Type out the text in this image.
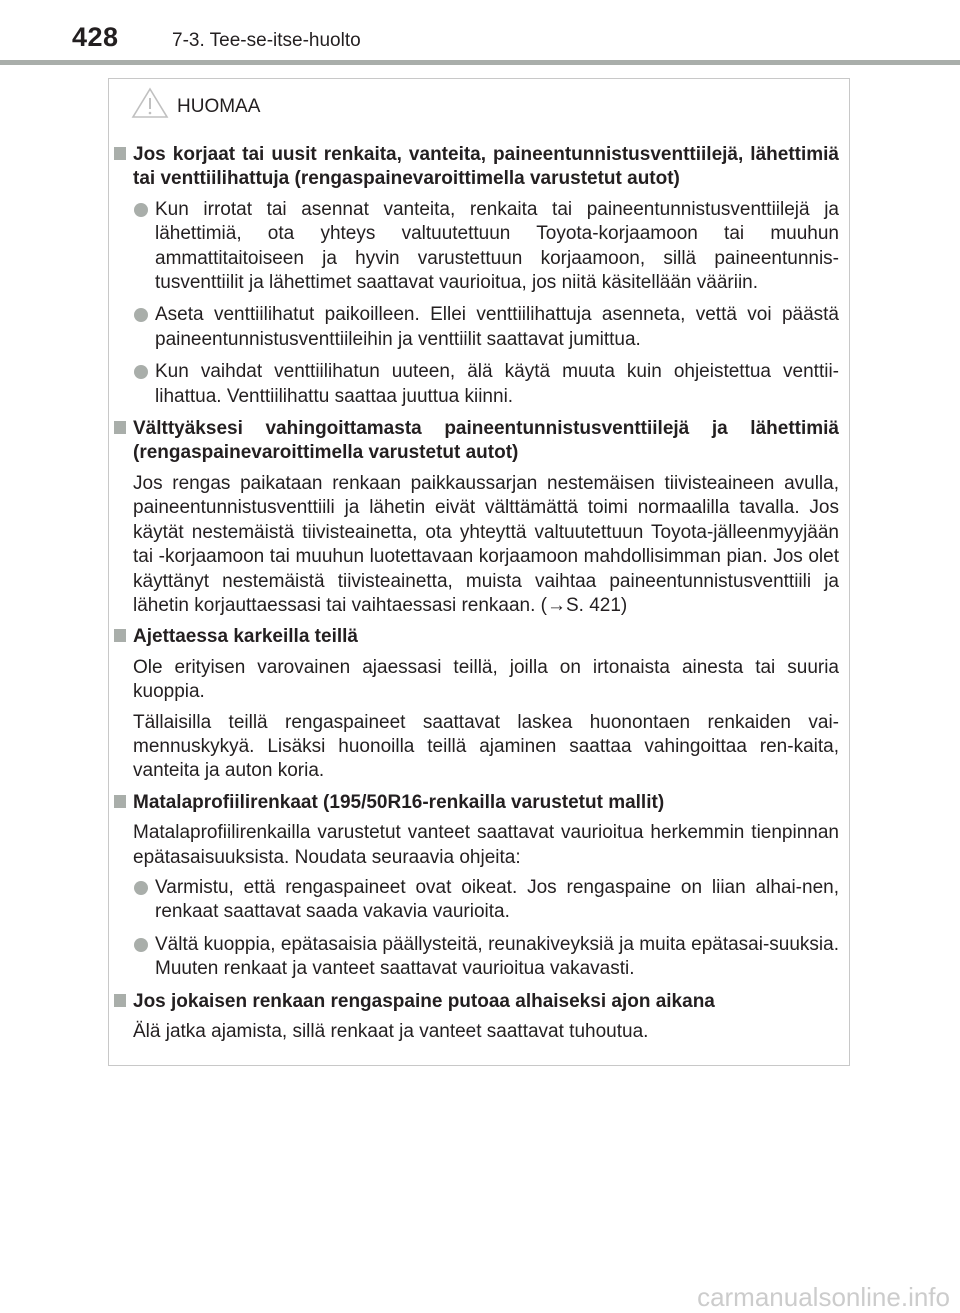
428	7-3. Tee-se-itse-huolto
HUOMAA
Jos korjaat tai uusit renkaita, vanteita, paineentunnistusventtiilejä, lähettimiä tai venttiilihattuja (rengaspainevaroittimella varustetut autot)
Kun irrotat tai asennat vanteita, renkaita tai paineentunnistusventtiilejä ja lähettimiä, ota yhteys valtuutettuun Toyota-korjaamoon tai muuhun ammattitaitoiseen ja hyvin varustettuun korjaamoon, sillä paineentunnis-tusventtiilit ja lähettimet saattavat vaurioitua, jos niitä käsitellään vääriin.
Aseta venttiilihatut paikoilleen. Ellei venttiilihattuja asenneta, vettä voi päästä paineentunnistusventtiileihin ja venttiilit saattavat jumittua.
Kun vaihdat venttiilihatun uuteen, älä käytä muuta kuin ohjeistettua venttii-lihattua. Venttiilihattu saattaa juuttua kiinni.
Välttyäksesi vahingoittamasta paineentunnistusventtiilejä ja lähettimiä (rengaspainevaroittimella varustetut autot)
Jos rengas paikataan renkaan paikkaussarjan nestemäisen tiivisteaineen avulla, paineentunnistusventtiili ja lähetin eivät välttämättä toimi normaalilla tavalla. Jos käytät nestemäistä tiivisteainetta, ota yhteyttä valtuutettuun Toyota-jälleenmyyjään tai -korjaamoon tai muuhun luotettavaan korjaamoon mahdollisimman pian. Jos olet käyttänyt nestemäistä tiivisteainetta, muista vaihtaa paineentunnistusventtiili ja lähetin korjauttaessasi tai vaihtaessasi renkaan. (→S. 421)
Ajettaessa karkeilla teillä
Ole erityisen varovainen ajaessasi teillä, joilla on irtonaista ainesta tai suuria kuoppia.
Tällaisilla teillä rengaspaineet saattavat laskea huonontaen renkaiden vai-mennuskykyä. Lisäksi huonoilla teillä ajaminen saattaa vahingoittaa ren-kaita, vanteita ja auton koria.
Matalaprofiilirenkaat (195/50R16-renkailla varustetut mallit)
Matalaprofiilirenkailla varustetut vanteet saattavat vaurioitua herkemmin tienpinnan epätasaisuuksista. Noudata seuraavia ohjeita:
Varmistu, että rengaspaineet ovat oikeat. Jos rengaspaine on liian alhai-nen, renkaat saattavat saada vakavia vaurioita.
Vältä kuoppia, epätasaisia päällysteitä, reunakiveyksiä ja muita epätasai-suuksia. Muuten renkaat ja vanteet saattavat vaurioitua vakavasti.
Jos jokaisen renkaan rengaspaine putoaa alhaiseksi ajon aikana
Älä jatka ajamista, sillä renkaat ja vanteet saattavat tuhoutua.
carmanualsonline.info
